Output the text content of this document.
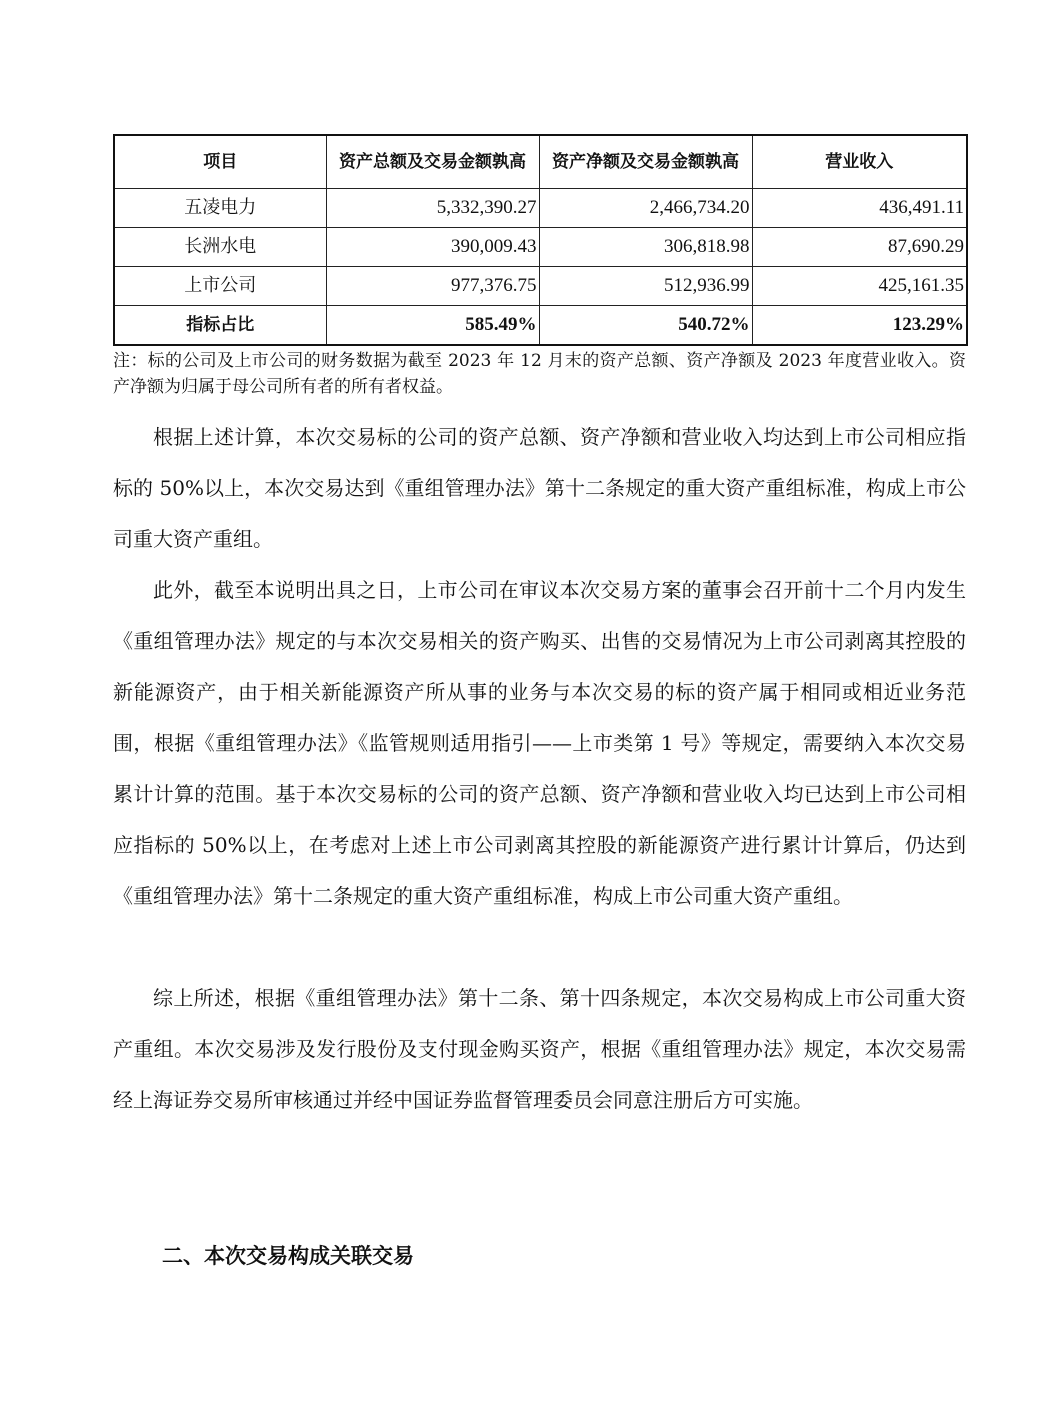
项目	资产总额及交易金额孰高	资产净额及交易金额孰高	营业收入
五凌电力	5,332,390.27	2,466,734.20	436,491.11
长洲水电	390,009.43	306,818.98	87,690.29
上市公司	977,376.75	512,936.99	425,161.35
指标占比	585.49%	540.72%	123.29%
注：标的公司及上市公司的财务数据为截至 2023 年 12 月末的资产总额、资产净额及 2023 年度营业收入。资产净额为归属于母公司所有者的所有者权益。

根据上述计算，本次交易标的公司的资产总额、资产净额和营业收入均达到上市公司相应指标的 50%以上，本次交易达到《重组管理办法》第十二条规定的重大资产重组标准，构成上市公司重大资产重组。

此外，截至本说明出具之日，上市公司在审议本次交易方案的董事会召开前十二个月内发生《重组管理办法》规定的与本次交易相关的资产购买、出售的交易情况为上市公司剥离其控股的新能源资产，由于相关新能源资产所从事的业务与本次交易的标的资产属于相同或相近业务范围，根据《重组管理办法》《监管规则适用指引——上市类第 1 号》等规定，需要纳入本次交易累计计算的范围。基于本次交易标的公司的资产总额、资产净额和营业收入均已达到上市公司相应指标的 50%以上，在考虑对上述上市公司剥离其控股的新能源资产进行累计计算后，仍达到《重组管理办法》第十二条规定的重大资产重组标准，构成上市公司重大资产重组。

综上所述，根据《重组管理办法》第十二条、第十四条规定，本次交易构成上市公司重大资产重组。本次交易涉及发行股份及支付现金购买资产，根据《重组管理办法》规定，本次交易需经上海证券交易所审核通过并经中国证券监督管理委员会同意注册后方可实施。

二、本次交易构成关联交易
